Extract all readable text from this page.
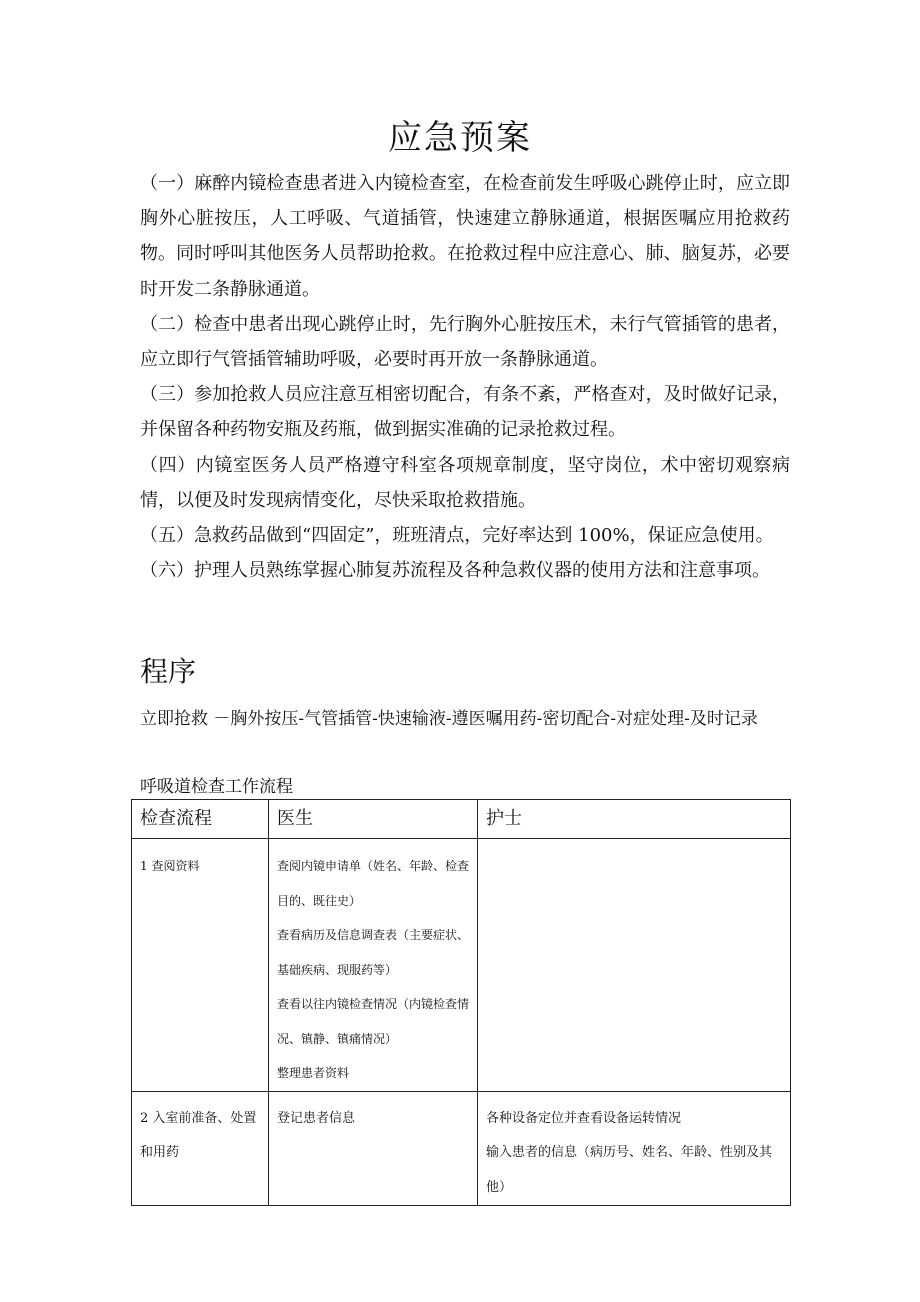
应急预案

（一）麻醉内镜检查患者进入内镜检查室，在检查前发生呼吸心跳停止时，应立即胸外心脏按压，人工呼吸、气道插管，快速建立静脉通道，根据医嘱应用抢救药物。同时呼叫其他医务人员帮助抢救。在抢救过程中应注意心、肺、脑复苏，必要时开发二条静脉通道。

（二）检查中患者出现心跳停止时，先行胸外心脏按压术，未行气管插管的患者，应立即行气管插管辅助呼吸，必要时再开放一条静脉通道。

（三）参加抢救人员应注意互相密切配合，有条不紊，严格查对，及时做好记录，并保留各种药物安瓶及药瓶，做到据实准确的记录抢救过程。

（四）内镜室医务人员严格遵守科室各项规章制度，坚守岗位，术中密切观察病情，以便及时发现病情变化，尽快采取抢救措施。

（五）急救药品做到“四固定”，班班清点，完好率达到 100%，保证应急使用。

（六）护理人员熟练掌握心肺复苏流程及各种急救仪器的使用方法和注意事项。

程序

立即抢救 －胸外按压-气管插管-快速输液-遵医嘱用药-密切配合-对症处理-及时记录

呼吸道检查工作流程

检查流程	医生	护士

1 查阅资料	查阅内镜申请单（姓名、年龄、检查目的、既往史）
查看病历及信息调查表（主要症状、基础疾病、现服药等）
查看以往内镜检查情况（内镜检查情况、镇静、镇痛情况）
整理患者资料	

2 入室前准备、处置和用药	登记患者信息	各种设备定位并查看设备运转情况
输入患者的信息（病历号、姓名、年龄、性别及其他）
